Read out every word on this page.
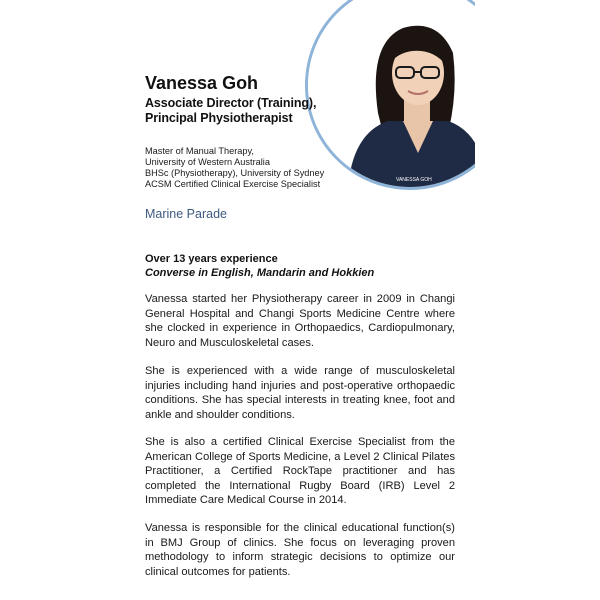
VANESSA GOH
Vanessa Goh
Associate Director (Training),
Principal Physiotherapist
Master of Manual Therapy,
University of Western Australia
BHSc (Physiotherapy), University of Sydney
ACSM Certified Clinical Exercise Specialist
Marine Parade
Over 13 years experience
Converse in English, Mandarin and Hokkien

Vanessa started her Physiotherapy career in 2009 in Changi General Hospital and Changi Sports Medicine Centre where she clocked in experience in Orthopaedics, Cardiopulmonary, Neuro and Musculoskeletal cases.

She is experienced with a wide range of musculoskeletal injuries including hand injuries and post-operative orthopaedic conditions. She has special interests in treating knee, foot and ankle and shoulder conditions.

She is also a certified Clinical Exercise Specialist from the American College of Sports Medicine, a Level 2 Clinical Pilates Practitioner, a Certified RockTape practitioner and has completed the International Rugby Board (IRB) Level 2 Immediate Care Medical Course in 2014.

Vanessa is responsible for the clinical educational function(s) in BMJ Group of clinics. She focus on leveraging proven methodology to inform strategic decisions to optimize our clinical outcomes for patients.
